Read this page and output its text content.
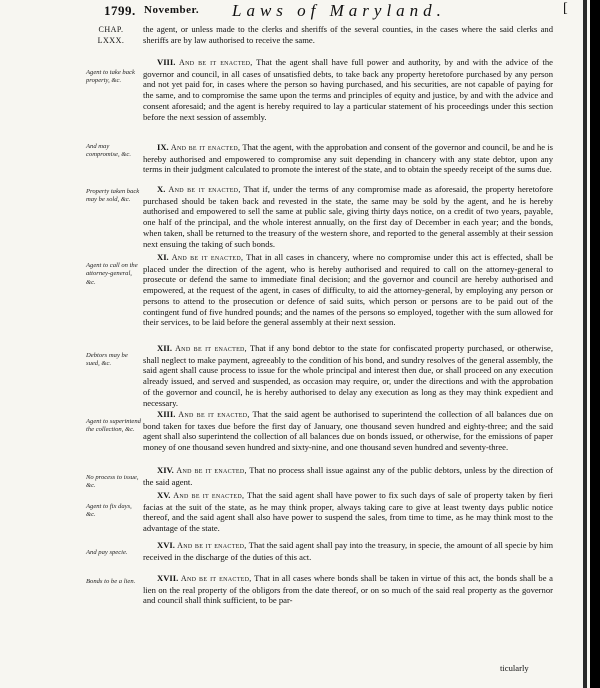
1799. November. Laws of Maryland.	[
CHAP.
LXXX.

the agent, or unless made to the clerks and sheriffs of the several counties, in the cases where the said clerks and sheriffs are by law authorised to receive the same.

Agent to take back property, &c.

VIII. And be it enacted, That the agent shall have full power and authority, by and with the advice of the governor and council, in all cases of unsatisfied debts, to take back any property heretofore purchased by any person and not yet paid for, in cases where the person so having purchased, and his securities, are not capable of paying for the same, and to compromise the same upon the terms and principles of equity and justice, by and with the advice and consent aforesaid; and the agent is hereby required to lay a particular statement of his proceedings under this section before the next session of assembly.

And may compromise, &c.

IX. And be it enacted, That the agent, with the approbation and consent of the governor and council, be and he is hereby authorised and empowered to compromise any suit depending in chancery with any state debtor, upon any terms in their judgment calculated to promote the interest of the state, and to obtain the speedy receipt of the sums due.

Property taken back may be sold, &c.

X. And be it enacted, That if, under the terms of any compromise made as aforesaid, the property heretofore purchased should be taken back and revested in the state, the same may be sold by the agent, and he is hereby authorised and empowered to sell the same at public sale, giving thirty days notice, on a credit of two years, payable, one half of the principal, and the whole interest annually, on the first day of December in each year; and the bonds, when taken, shall be returned to the treasury of the western shore, and reported to the general assembly at their session next ensuing the taking of such bonds.

Agent to call on the attorney-general, &c.

XI. And be it enacted, That in all cases in chancery, where no compromise under this act is effected, shall be placed under the direction of the agent, who is hereby authorised and required to call on the attorney-general to prosecute or defend the same to immediate final decision; and the governor and council are hereby authorised and empowered, at the request of the agent, in cases of difficulty, to aid the attorney-general, by employing any person or persons to attend to the prosecution or defence of said suits, which person or persons are to be paid out of the contingent fund of five hundred pounds; and the names of the persons so employed, together with the sum allowed for their services, to be laid before the general assembly at their next session.

Debtors may be sued, &c.

XII. And be it enacted, That if any bond debtor to the state for confiscated property purchased, or otherwise, shall neglect to make payment, agreeably to the condition of his bond, and sundry resolves of the general assembly, the said agent shall cause process to issue for the whole principal and interest then due, or shall proceed on any execution already issued, and served and suspended, as occasion may require, or, under the directions and with the approbation of the governor and council, he is hereby authorised to delay any execution as long as they may think expedient and necessary.

Agent to superintend the collection, &c.

XIII. And be it enacted, That the said agent be authorised to superintend the collection of all balances due on bond taken for taxes due before the first day of January, one thousand seven hundred and eighty-three; and the said agent shall also superintend the collection of all balances due on bonds issued, or otherwise, for the emissions of paper money of one thousand seven hundred and sixty-nine, and one thousand seven hundred and seventy-three.

No process to issue, &c.

XIV. And be it enacted, That no process shall issue against any of the public debtors, unless by the direction of the said agent.

Agent to fix days, &c.

XV. And be it enacted, That the said agent shall have power to fix such days of sale of property taken by fieri facias at the suit of the state, as he may think proper, always taking care to give at least twenty days public notice thereof, and the said agent shall also have power to suspend the sales, from time to time, as he may think most to the advantage of the state.

And pay specie.

XVI. And be it enacted, That the said agent shall pay into the treasury, in specie, the amount of all specie by him received in the discharge of the duties of this act.

Bonds to be a lien.	XVII. And be it enacted, That in all cases where bonds shall be taken in virtue of this act, the bonds shall be a lien on the real property of the obligors from the date thereof, or on so much of the said real property as the governor and council shall think sufficient, to be par-

ticularly
